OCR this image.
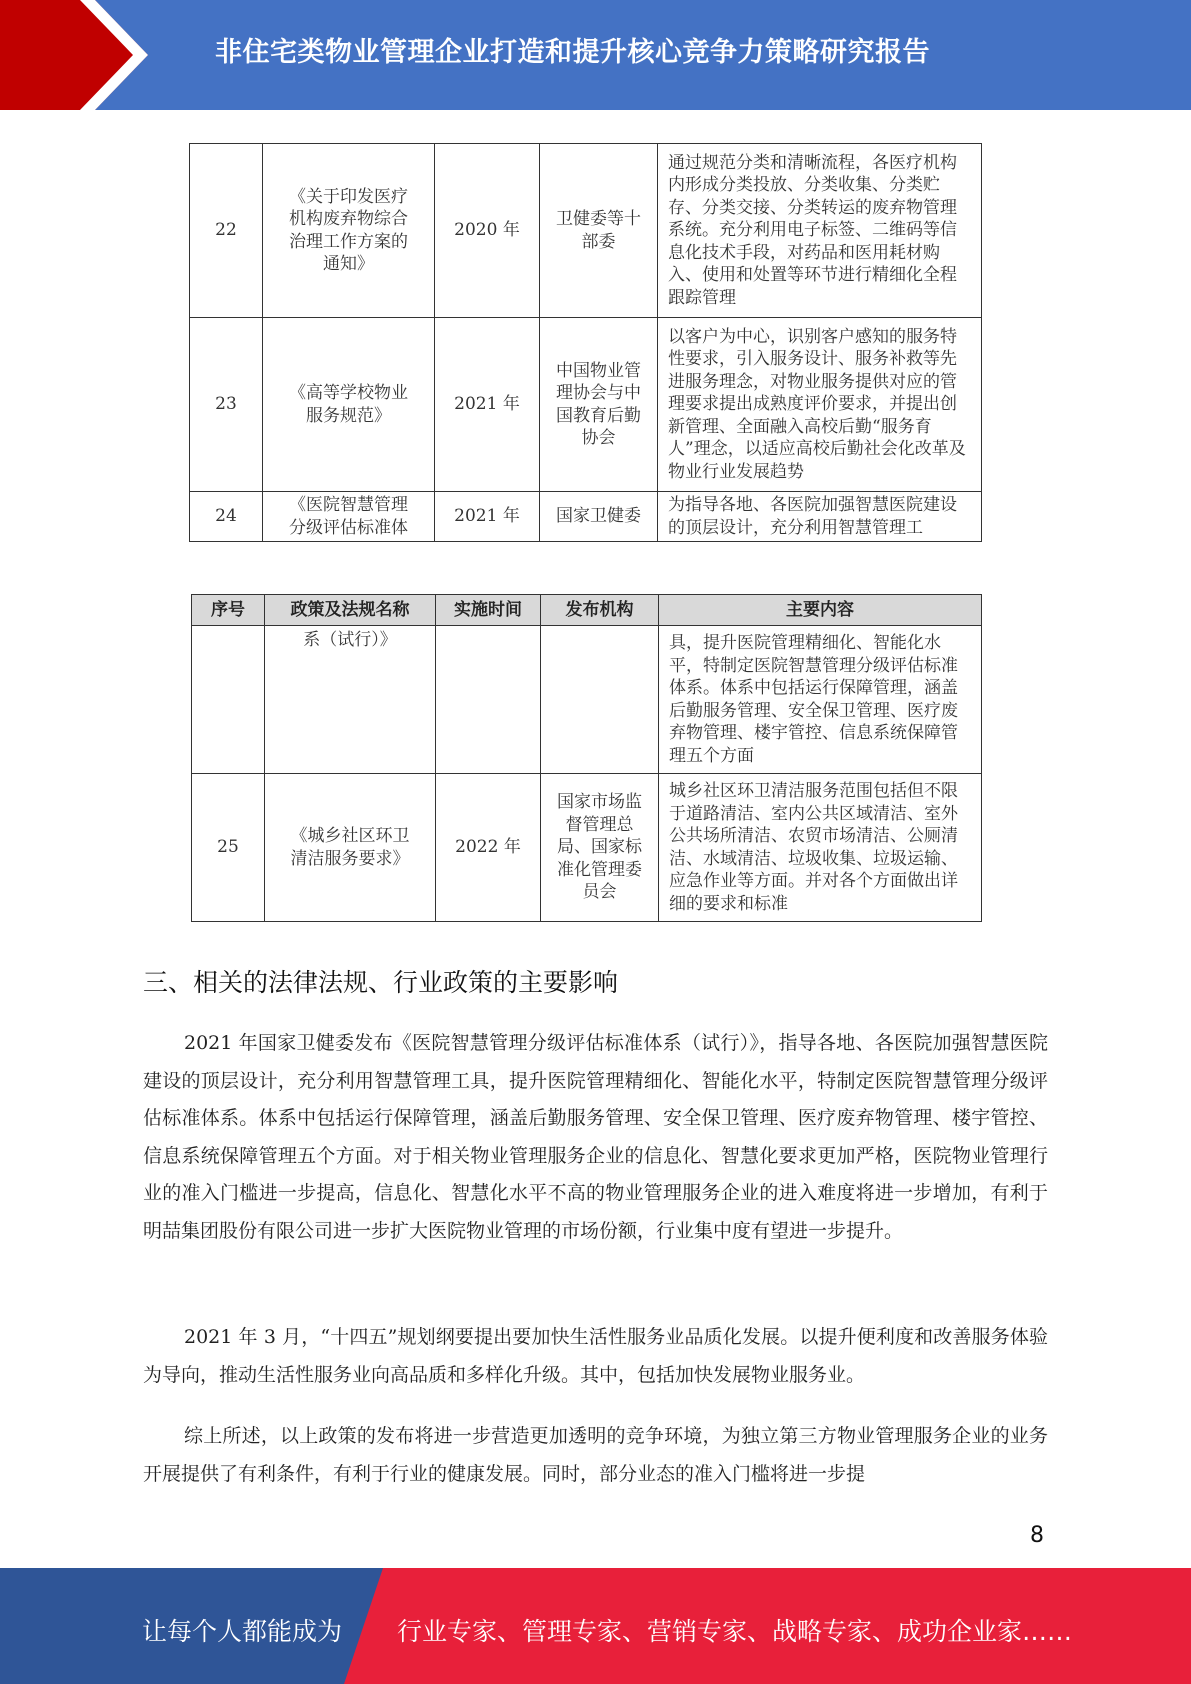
非住宅类物业管理企业打造和提升核心竞争力策略研究报告
22	《关于印发医疗机构废弃物综合治理工作方案的通知》	2020 年	卫健委等十部委	通过规范分类和清晰流程，各医疗机构内形成分类投放、分类收集、分类贮存、分类交接、分类转运的废弃物管理系统。充分利用电子标签、二维码等信息化技术手段，对药品和医用耗材购入、使用和处置等环节进行精细化全程跟踪管理
23	《高等学校物业服务规范》	2021 年	中国物业管理协会与中国教育后勤协会	以客户为中心，识别客户感知的服务特性要求，引入服务设计、服务补救等先进服务理念，对物业服务提供对应的管理要求提出成熟度评价要求，并提出创新管理、全面融入高校后勤“服务育人”理念，以适应高校后勤社会化改革及物业行业发展趋势
24	《医院智慧管理分级评估标准体	2021 年	国家卫健委	为指导各地、各医院加强智慧医院建设的顶层设计，充分利用智慧管理工
序号	政策及法规名称	实施时间	发布机构	主要内容
	系（试行）》			具，提升医院管理精细化、智能化水平，特制定医院智慧管理分级评估标准体系。体系中包括运行保障管理，涵盖后勤服务管理、安全保卫管理、医疗废弃物管理、楼宇管控、信息系统保障管理五个方面
25	《城乡社区环卫清洁服务要求》	2022 年	国家市场监督管理总局、国家标准化管理委员会	城乡社区环卫清洁服务范围包括但不限于道路清洁、室内公共区域清洁、室外公共场所清洁、农贸市场清洁、公厕清洁、水域清洁、垃圾收集、垃圾运输、应急作业等方面。并对各个方面做出详细的要求和标准
三、相关的法律法规、行业政策的主要影响

2021 年国家卫健委发布《医院智慧管理分级评估标准体系（试行）》，指导各地、各医院加强智慧医院建设的顶层设计，充分利用智慧管理工具，提升医院管理精细化、智能化水平，特制定医院智慧管理分级评估标准体系。体系中包括运行保障管理，涵盖后勤服务管理、安全保卫管理、医疗废弃物管理、楼宇管控、信息系统保障管理五个方面。对于相关物业管理服务企业的信息化、智慧化要求更加严格，医院物业管理行业的准入门槛进一步提高，信息化、智慧化水平不高的物业管理服务企业的进入难度将进一步增加，有利于明喆集团股份有限公司进一步扩大医院物业管理的市场份额，行业集中度有望进一步提升。

2021 年 3 月，“十四五”规划纲要提出要加快生活性服务业品质化发展。以提升便利度和改善服务体验为导向，推动生活性服务业向高品质和多样化升级。其中，包括加快发展物业服务业。

综上所述，以上政策的发布将进一步营造更加透明的竞争环境，为独立第三方物业管理服务企业的业务开展提供了有利条件，有利于行业的健康发展。同时，部分业态的准入门槛将进一步提

8
让每个人都能成为 行业专家、管理专家、营销专家、战略专家、成功企业家……
